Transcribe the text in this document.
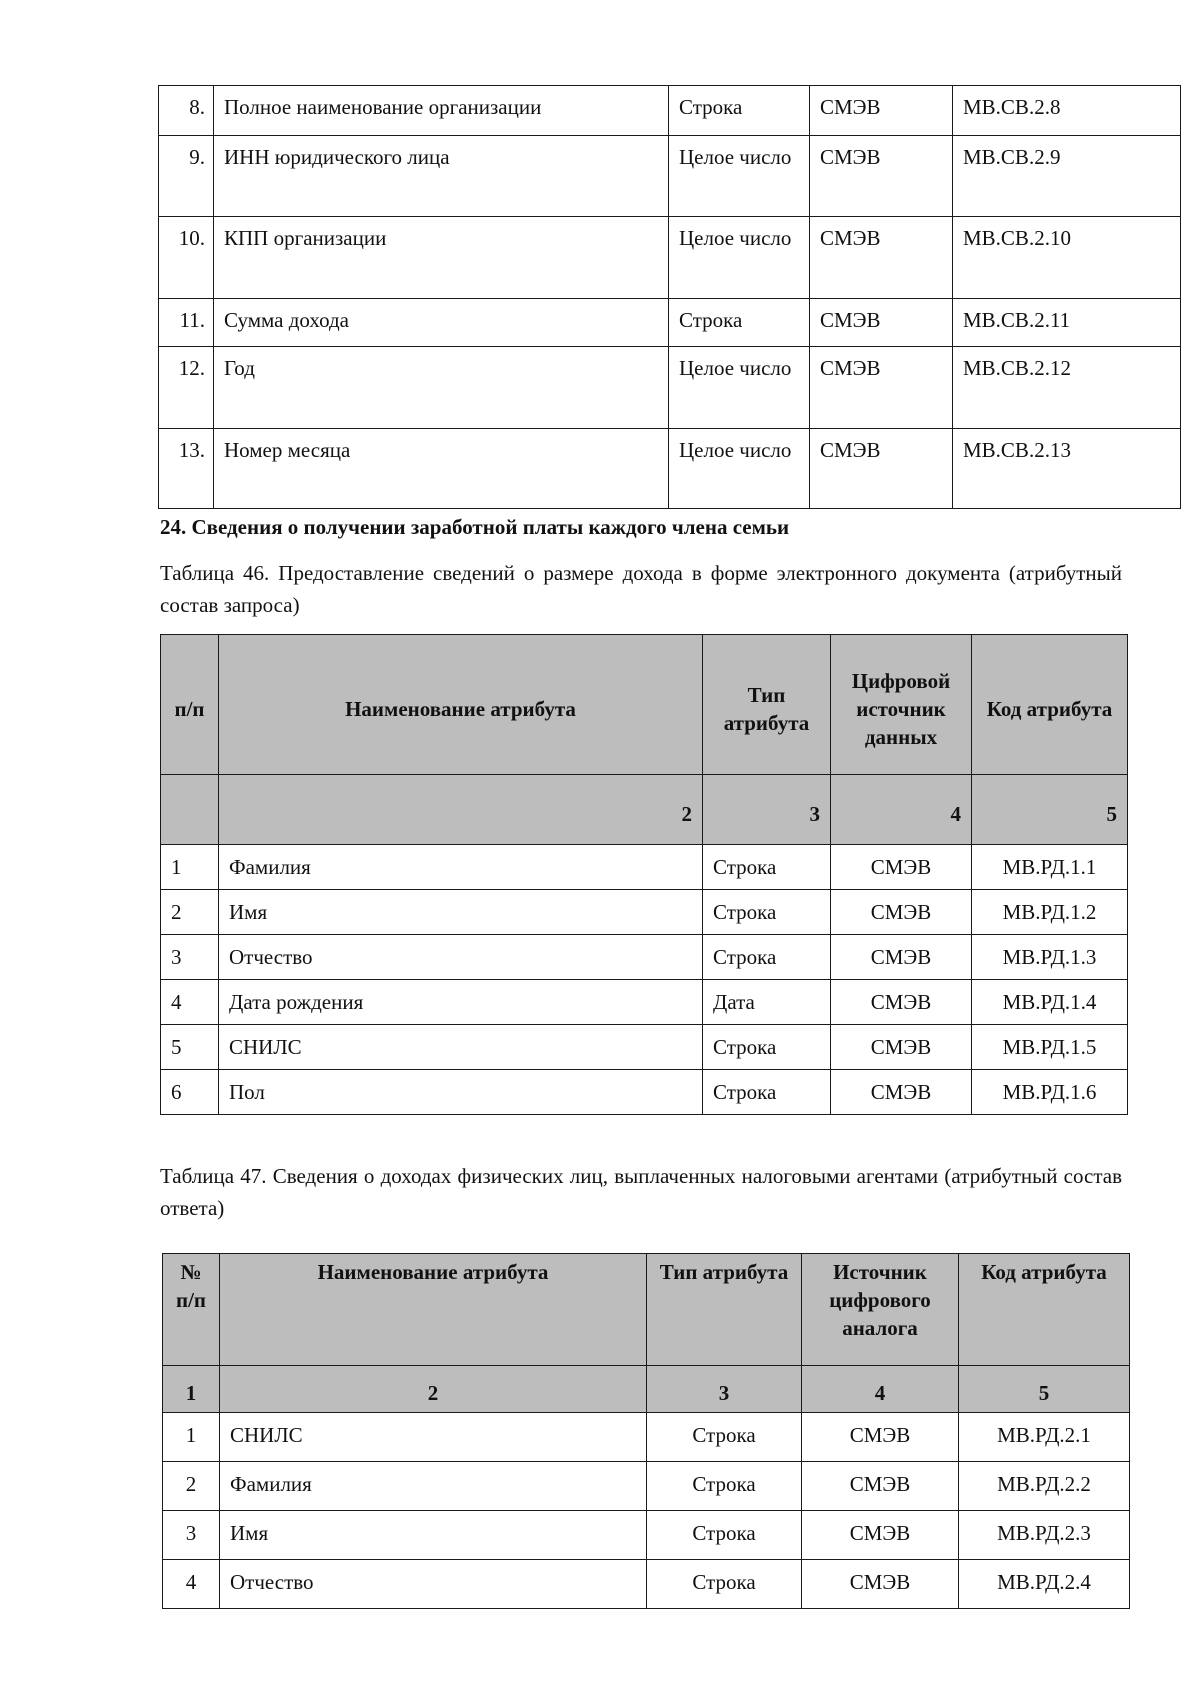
8.	Полное наименование организации	Строка	СМЭВ	МВ.СВ.2.8
9.	ИНН юридического лица	Целое число	СМЭВ	МВ.СВ.2.9
10.	КПП организации	Целое число	СМЭВ	МВ.СВ.2.10
11.	Сумма дохода	Строка	СМЭВ	МВ.СВ.2.11
12.	Год	Целое число	СМЭВ	МВ.СВ.2.12
13.	Номер месяца	Целое число	СМЭВ	МВ.СВ.2.13
24. Сведения о получении заработной платы каждого члена семьи
Таблица 46. Предоставление сведений о размере дохода в форме электронного документа (атрибутный состав запроса)
п/п	Наименование атрибута	Тип атрибута	Цифровой источник данных	Код атрибута
	2	3	4	5
1	Фамилия	Строка	СМЭВ	МВ.РД.1.1
2	Имя	Строка	СМЭВ	МВ.РД.1.2
3	Отчество	Строка	СМЭВ	МВ.РД.1.3
4	Дата рождения	Дата	СМЭВ	МВ.РД.1.4
5	СНИЛС	Строка	СМЭВ	МВ.РД.1.5
6	Пол	Строка	СМЭВ	МВ.РД.1.6
Таблица 47. Сведения о доходах физических лиц, выплаченных налоговыми агентами (атрибутный состав ответа)
№ п/п	Наименование атрибута	Тип атрибута	Источник цифрового аналога	Код атрибута
1	2	3	4	5
1	СНИЛС	Строка	СМЭВ	МВ.РД.2.1
2	Фамилия	Строка	СМЭВ	МВ.РД.2.2
3	Имя	Строка	СМЭВ	МВ.РД.2.3
4	Отчество	Строка	СМЭВ	МВ.РД.2.4
